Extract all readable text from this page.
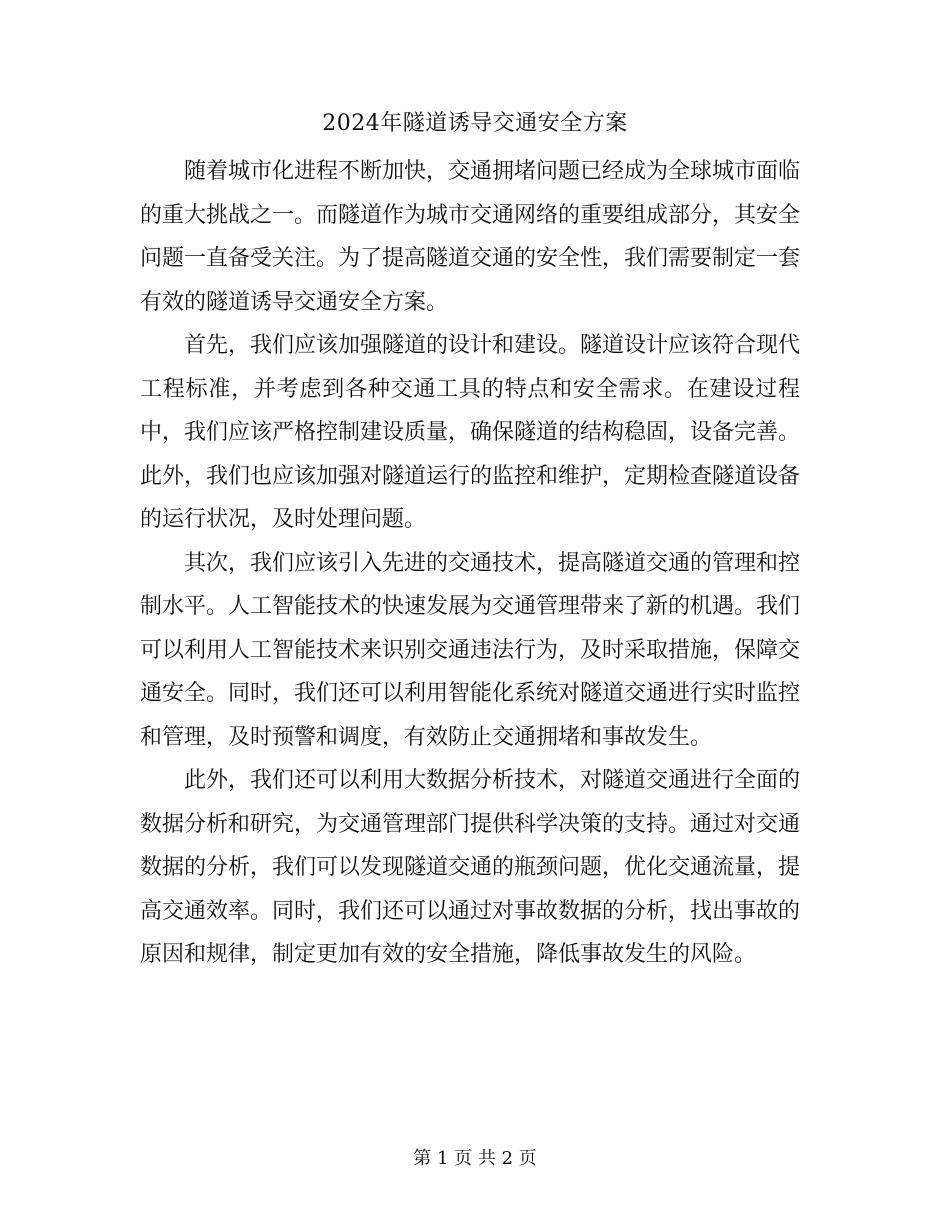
2024年隧道诱导交通安全方案

随着城市化进程不断加快，交通拥堵问题已经成为全球城市面临的重大挑战之一。而隧道作为城市交通网络的重要组成部分，其安全问题一直备受关注。为了提高隧道交通的安全性，我们需要制定一套有效的隧道诱导交通安全方案。

首先，我们应该加强隧道的设计和建设。隧道设计应该符合现代工程标准，并考虑到各种交通工具的特点和安全需求。在建设过程中，我们应该严格控制建设质量，确保隧道的结构稳固，设备完善。此外，我们也应该加强对隧道运行的监控和维护，定期检查隧道设备的运行状况，及时处理问题。

其次，我们应该引入先进的交通技术，提高隧道交通的管理和控制水平。人工智能技术的快速发展为交通管理带来了新的机遇。我们可以利用人工智能技术来识别交通违法行为，及时采取措施，保障交通安全。同时，我们还可以利用智能化系统对隧道交通进行实时监控和管理，及时预警和调度，有效防止交通拥堵和事故发生。

此外，我们还可以利用大数据分析技术，对隧道交通进行全面的数据分析和研究，为交通管理部门提供科学决策的支持。通过对交通数据的分析，我们可以发现隧道交通的瓶颈问题，优化交通流量，提高交通效率。同时，我们还可以通过对事故数据的分析，找出事故的原因和规律，制定更加有效的安全措施，降低事故发生的风险。

第 1 页 共 2 页
